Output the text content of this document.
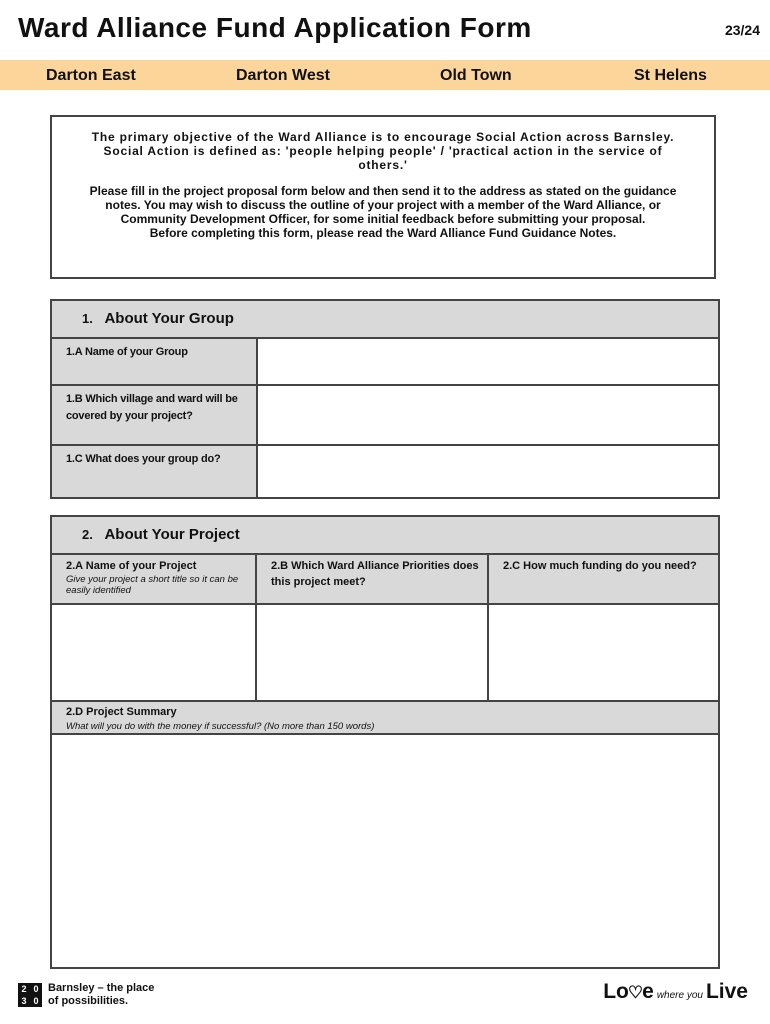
Ward Alliance Fund Application Form	23/24
Darton East	Darton West	Old Town	St Helens

The primary objective of the Ward Alliance is to encourage Social Action across Barnsley.

Social Action is defined as: 'people helping people' / 'practical action in the service of others.'

Please fill in the project proposal form below and then send it to the address as stated on the guidance notes. You may wish to discuss the outline of your project with a member of the Ward Alliance, or Community Development Officer, for some initial feedback before submitting your proposal.

Before completing this form, please read the Ward Alliance Fund Guidance Notes.

1. About Your Group
1.A Name of your Group
1.B Which village and ward will be covered by your project?
1.C What does your group do?
2. About Your Project
2.A Name of your Project
Give your project a short title so it can be easily identified
2.B Which Ward Alliance Priorities does this project meet?
2.C How much funding do you need?
2.D Project Summary
What will you do with the money if successful? (No more than 150 words)
2 0
3 0
Barnsley – the place
of possibilities.	Lo ♡ e where you Live
